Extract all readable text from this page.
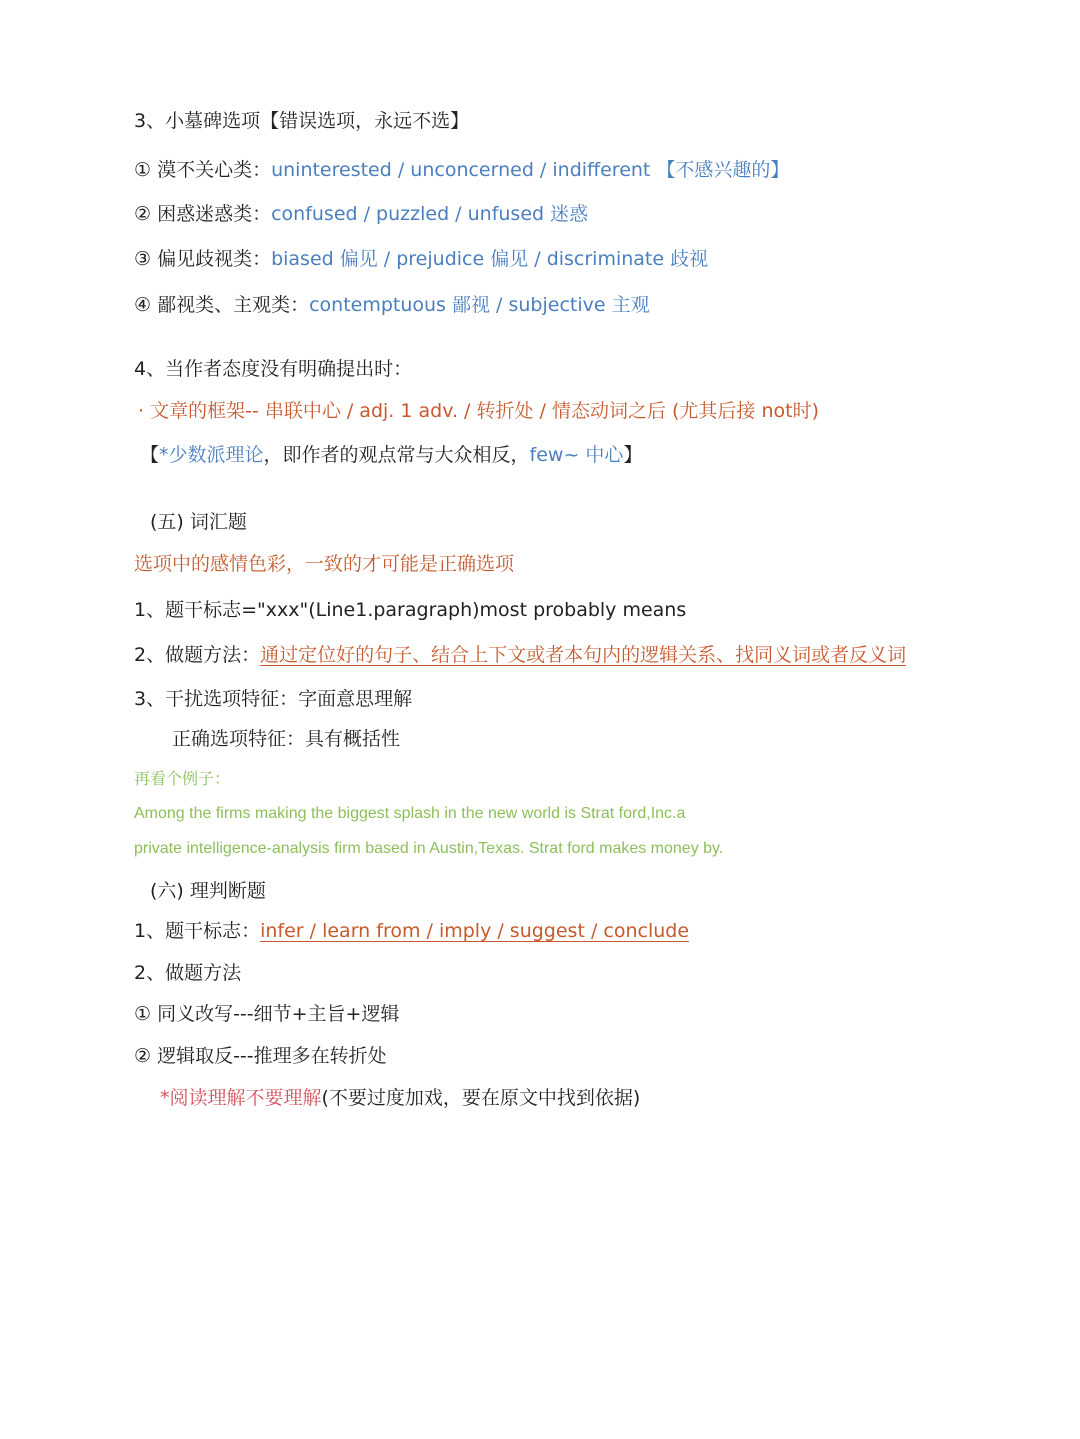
3、小墓碑选项【错误选项，永远不选】
① 漠不关心类：uninterested / unconcerned / indifferent 【不感兴趣的】
② 困惑迷惑类：confused / puzzled / unfused 迷惑
③ 偏见歧视类：biased 偏见 / prejudice 偏见 / discriminate 歧视
④ 鄙视类、主观类：contemptuous 鄙视 / subjective 主观
4、当作者态度没有明确提出时：
· 文章的框架-- 串联中心 / adj. 1 adv. / 转折处 / 情态动词之后 (尤其后接 not时)
【*少数派理论，即作者的观点常与大众相反，few~ 中心】
(五) 词汇题
选项中的感情色彩，一致的才可能是正确选项
1、题干标志="xxx"(Line1.paragraph)most probably means
2、做题方法：通过定位好的句子、结合上下文或者本句内的逻辑关系、找同义词或者反义词
3、干扰选项特征：字面意思理解
正确选项特征：具有概括性
再看个例子：
Among the firms making the biggest splash in the new world is Strat ford,Inc.a
private intelligence-analysis firm based in Austin,Texas. Strat ford makes money by.
(六) 理判断题
1、题干标志：infer / learn from / imply / suggest / conclude
2、做题方法
① 同义改写---细节+主旨+逻辑
② 逻辑取反---推理多在转折处
*阅读理解不要理解(不要过度加戏，要在原文中找到依据)
